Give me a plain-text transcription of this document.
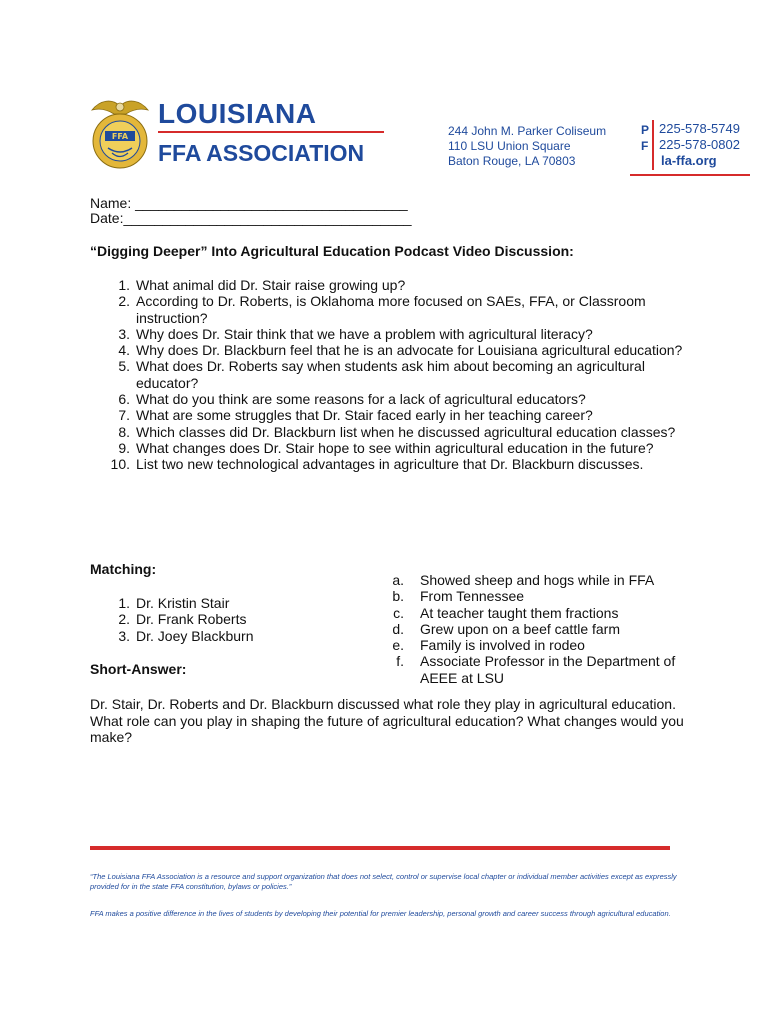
FFA
LOUISIANA
FFA ASSOCIATION
244 John M. Parker Coliseum
110 LSU Union Square
Baton Rouge, LA 70803
P
F
225-578-5749
225-578-0802
la-ffa.org
Name: ___________________________________
Date:_____________________________________
“Digging Deeper” Into Agricultural Education Podcast Video Discussion:
1. What animal did Dr. Stair raise growing up?
2. According to Dr. Roberts, is Oklahoma more focused on SAEs, FFA, or Classroom instruction?
3. Why does Dr. Stair think that we have a problem with agricultural literacy?
4. Why does Dr. Blackburn feel that he is an advocate for Louisiana agricultural education?
5. What does Dr. Roberts say when students ask him about becoming an agricultural educator?
6. What do you think are some reasons for a lack of agricultural educators?
7. What are some struggles that Dr. Stair faced early in her teaching career?
8. Which classes did Dr. Blackburn list when he discussed agricultural education classes?
9. What changes does Dr. Stair hope to see within agricultural education in the future?
10. List two new technological advantages in agriculture that Dr. Blackburn discusses.
Matching:
1. Dr. Kristin Stair
2. Dr. Frank Roberts
3. Dr. Joey Blackburn
a. Showed sheep and hogs while in FFA
b. From Tennessee
c. At teacher taught them fractions
d. Grew upon on a beef cattle farm
e. Family is involved in rodeo
f. Associate Professor in the Department of AEEE at LSU
Short-Answer:
Dr. Stair, Dr. Roberts and Dr. Blackburn discussed what role they play in agricultural education. What role can you play in shaping the future of agricultural education? What changes would you make?
“The Louisiana FFA Association is a resource and support organization that does not select, control or supervise local chapter or individual member activities except as expressly provided for in the state FFA constitution, bylaws or policies.”
FFA makes a positive difference in the lives of students by developing their potential for premier leadership, personal growth and career success through agricultural education.
